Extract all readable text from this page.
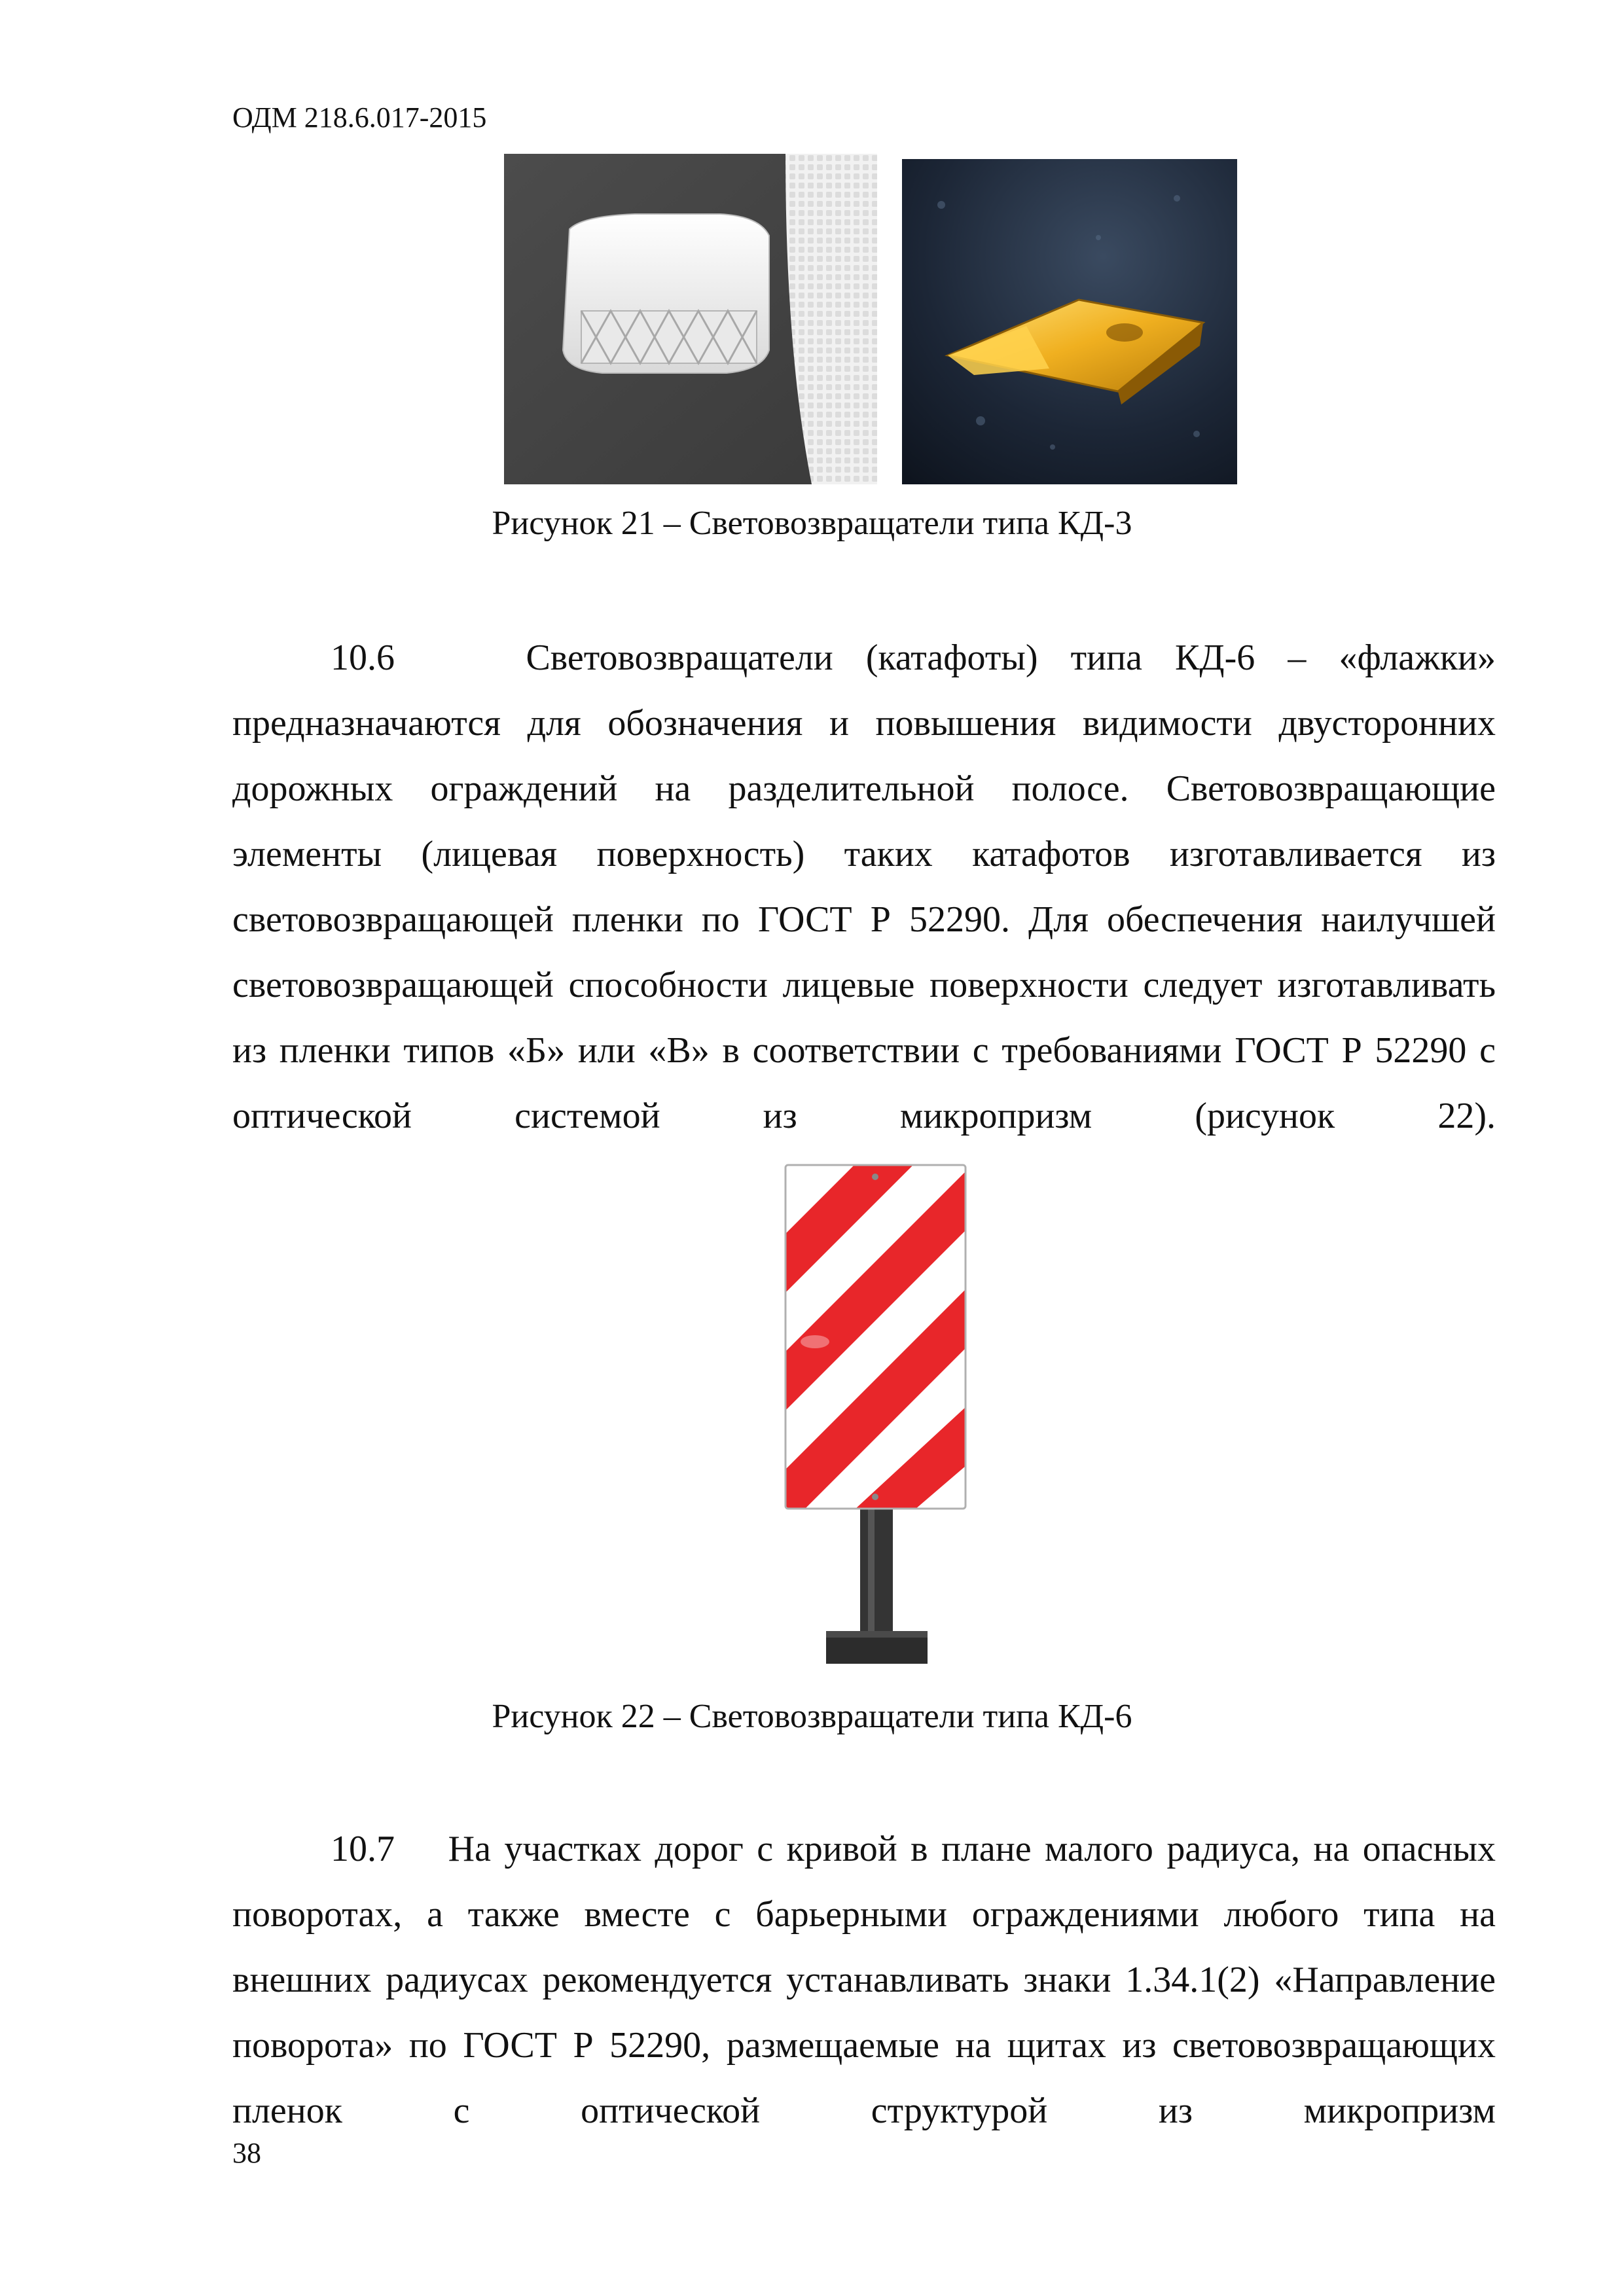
ОДМ 218.6.017-2015
Рисунок 21 – Световозвращатели типа КД-3

10.6	Световозвращатели (катафоты) типа КД-6 – «флажки» предназначаются для обозначения и повышения видимости двусторонних дорожных ограждений на разделительной полосе. Световозвращающие элементы (лицевая поверхность) таких катафотов изготавливается из световозвращающей пленки по ГОСТ Р 52290. Для обеспечения наилучшей световозвращающей способности лицевые поверхности следует изготавливать из пленки типов «Б» или «В» в соответствии с требованиями ГОСТ Р 52290 с оптической системой из микропризм (рисунок 22).

Рисунок 22 – Световозвращатели типа КД-6

10.7 На участках дорог с кривой в плане малого радиуса, на опасных поворотах, а также вместе с барьерными ограждениями любого типа на внешних радиусах рекомендуется устанавливать знаки 1.34.1(2) «Направление поворота» по ГОСТ Р 52290, размещаемые на щитах из световозвращающих пленок с оптической структурой из микропризм

38
